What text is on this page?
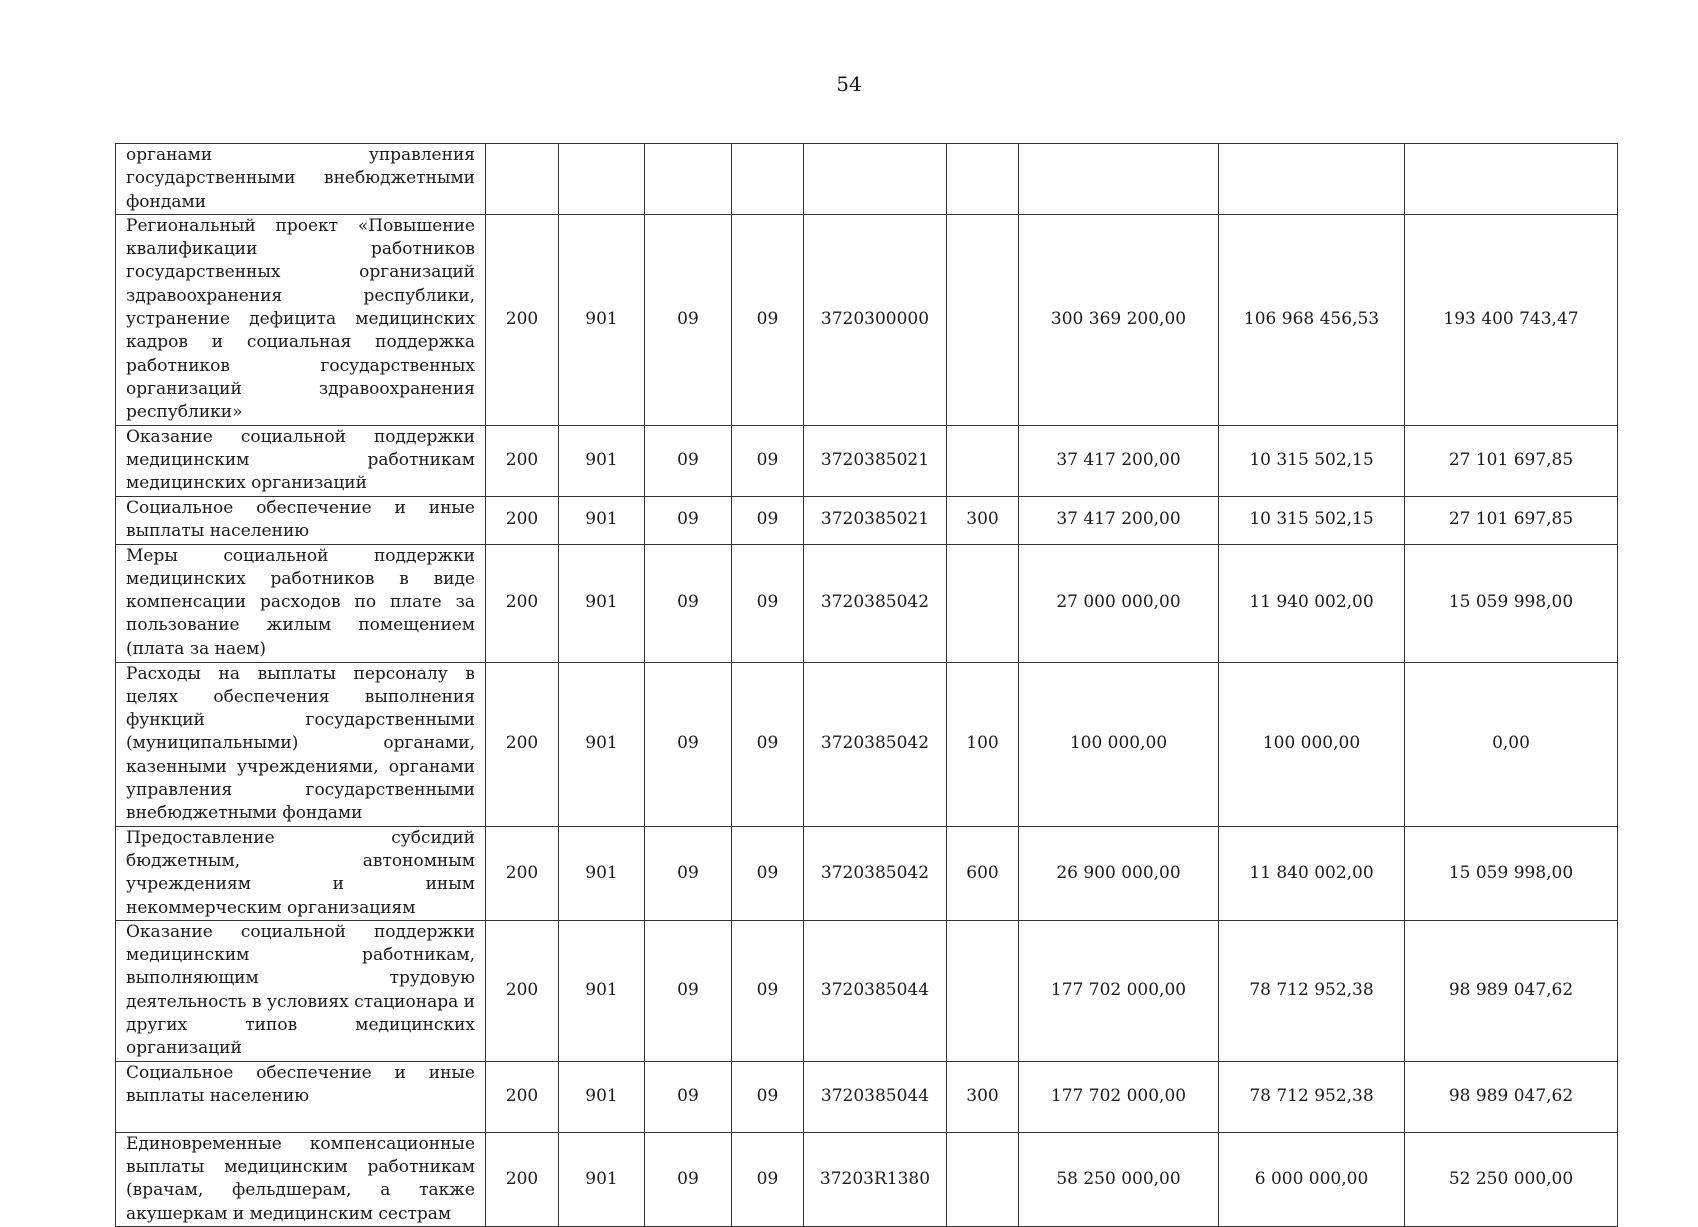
54
органами управления государственными внебюджетными фондами									
Региональный проект «Повышение квалификации работников государственных организаций здравоохранения республики, устранение дефицита медицинских кадров и социальная поддержка работников государственных организаций здравоохранения республики»	200	901	09	09	3720300000		300 369 200,00	106 968 456,53	193 400 743,47
Оказание социальной поддержки медицинским работникам медицинских организаций	200	901	09	09	3720385021		37 417 200,00	10 315 502,15	27 101 697,85
Социальное обеспечение и иные выплаты населению	200	901	09	09	3720385021	300	37 417 200,00	10 315 502,15	27 101 697,85
Меры социальной поддержки медицинских работников в виде компенсации расходов по плате за пользование жилым помещением (плата за наем)	200	901	09	09	3720385042		27 000 000,00	11 940 002,00	15 059 998,00
Расходы на выплаты персоналу в целях обеспечения выполнения функций государственными (муниципальными) органами, казенными учреждениями, органами управления государственными внебюджетными фондами	200	901	09	09	3720385042	100	100 000,00	100 000,00	0,00
Предоставление субсидий бюджетным, автономным учреждениям и иным некоммерческим организациям	200	901	09	09	3720385042	600	26 900 000,00	11 840 002,00	15 059 998,00
Оказание социальной поддержки медицинским работникам, выполняющим трудовую деятельность в условиях стационара и других типов медицинских организаций	200	901	09	09	3720385044		177 702 000,00	78 712 952,38	98 989 047,62
Социальное обеспечение и иные выплаты населению	200	901	09	09	3720385044	300	177 702 000,00	78 712 952,38	98 989 047,62
Единовременные компенсационные выплаты медицинским работникам (врачам, фельдшерам, а также акушеркам и медицинским сестрам	200	901	09	09	37203R1380		58 250 000,00	6 000 000,00	52 250 000,00
